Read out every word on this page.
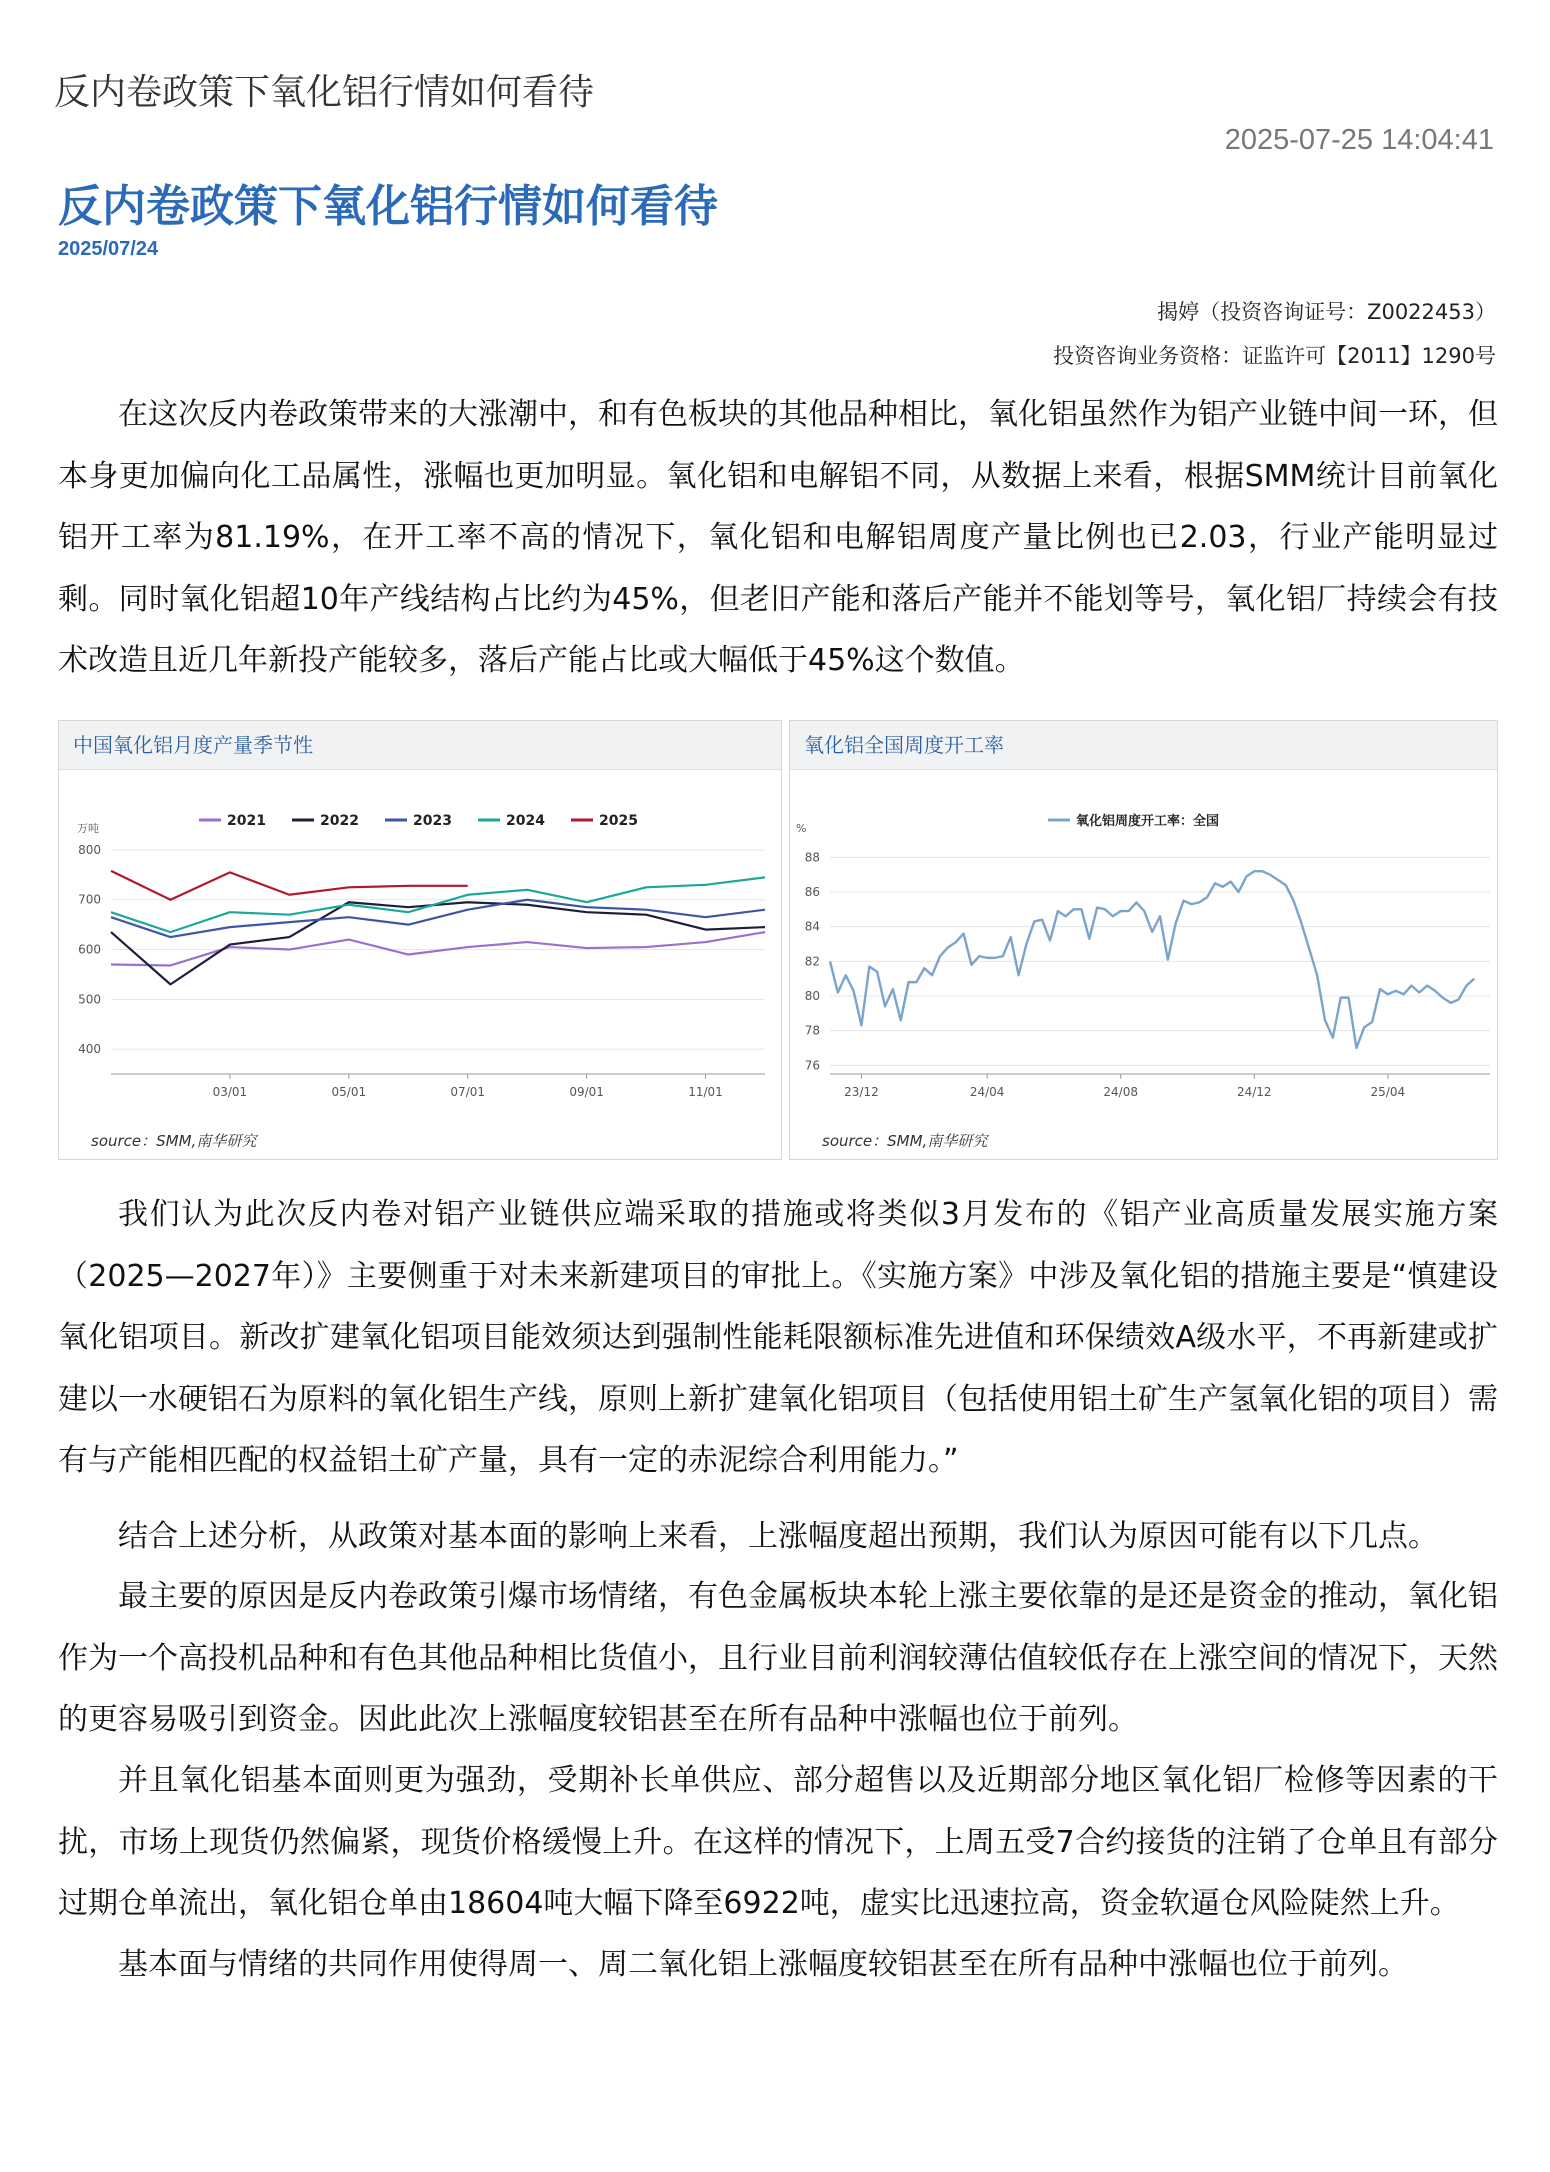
反内卷政策下氧化铝行情如何看待
2025-07-25 14:04:41
反内卷政策下氧化铝行情如何看待
2025/07/24
揭婷（投资咨询证号：Z0022453）
投资咨询业务资格：证监许可【2011】1290号

在这次反内卷政策带来的大涨潮中，和有色板块的其他品种相比，氧化铝虽然作为铝产业链中间一环，但本身更加偏向化工品属性，涨幅也更加明显。氧化铝和电解铝不同，从数据上来看，根据SMM统计目前氧化铝开工率为81.19%，在开工率不高的情况下，氧化铝和电解铝周度产量比例也已2.03，行业产能明显过剩。同时氧化铝超10年产线结构占比约为45%，但老旧产能和落后产能并不能划等号，氧化铝厂持续会有技术改造且近几年新投产能较多，落后产能占比或大幅低于45%这个数值。

中国氧化铝月度产量季节性
万吨
400
500
600
700
800
03/01	05/01	07/01	09/01	11/01
2021	2022	2023	2024	2025
source：SMM,南华研究
氧化铝全国周度开工率
%
76
78
80
82
84
86
88
23/12	24/04	24/08	24/12	25/04
氧化铝周度开工率：全国
source：SMM,南华研究

我们认为此次反内卷对铝产业链供应端采取的措施或将类似3月发布的《铝产业高质量发展实施方案（2025—2027年）》主要侧重于对未来新建项目的审批上。《实施方案》中涉及氧化铝的措施主要是“慎建设氧化铝项目。新改扩建氧化铝项目能效须达到强制性能耗限额标准先进值和环保绩效A级水平，不再新建或扩建以一水硬铝石为原料的氧化铝生产线，原则上新扩建氧化铝项目（包括使用铝土矿生产氢氧化铝的项目）需有与产能相匹配的权益铝土矿产量，具有一定的赤泥综合利用能力。”

结合上述分析，从政策对基本面的影响上来看，上涨幅度超出预期，我们认为原因可能有以下几点。

最主要的原因是反内卷政策引爆市场情绪，有色金属板块本轮上涨主要依靠的是还是资金的推动，氧化铝作为一个高投机品种和有色其他品种相比货值小，且行业目前利润较薄估值较低存在上涨空间的情况下，天然的更容易吸引到资金。因此此次上涨幅度较铝甚至在所有品种中涨幅也位于前列。

并且氧化铝基本面则更为强劲，受期补长单供应、部分超售以及近期部分地区氧化铝厂检修等因素的干扰，市场上现货仍然偏紧，现货价格缓慢上升。在这样的情况下，上周五受7合约接货的注销了仓单且有部分过期仓单流出，氧化铝仓单由18604吨大幅下降至6922吨，虚实比迅速拉高，资金软逼仓风险陡然上升。

基本面与情绪的共同作用使得周一、周二氧化铝上涨幅度较铝甚至在所有品种中涨幅也位于前列。
